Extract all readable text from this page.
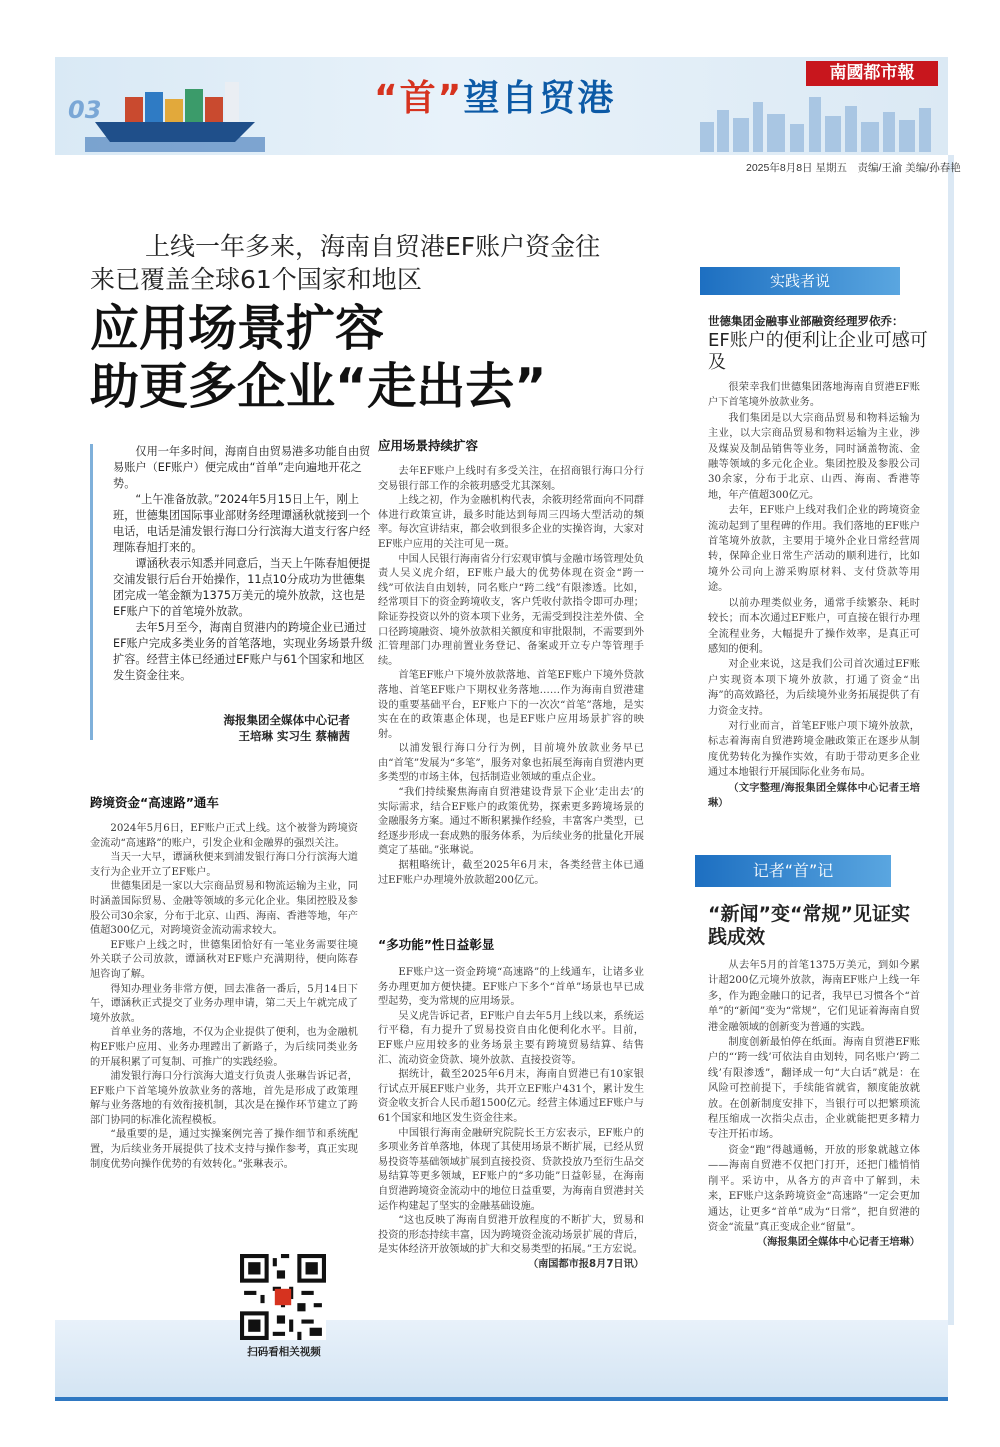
03	“首”望自贸港
南國都市報
2025年8月8日 星期五　责编/王渝 美编/孙春艳
上线一年多来，海南自贸港EF账户资金往来已覆盖全球61个国家和地区
应用场景扩容
助更多企业“走出去”

仅用一年多时间，海南自由贸易港多功能自由贸易账户（EF账户）便完成由“首单”走向遍地开花之势。

“上午准备放款。”2024年5月15日上午，刚上班，世德集团国际事业部财务经理谭涵秋就接到一个电话，电话是浦发银行海口分行滨海大道支行客户经理陈春旭打来的。

谭涵秋表示知悉并同意后，当天上午陈春旭便提交浦发银行后台开始操作，11点10分成功为世德集团完成一笔金额为1375万美元的境外放款，这也是EF账户下的首笔境外放款。

去年5月至今，海南自贸港内的跨境企业已通过EF账户完成多类业务的首笔落地，实现业务场景升级扩容。经营主体已经通过EF账户与61个国家和地区发生资金往来。

海报集团全媒体中心记者
王培琳 实习生 蔡楠茜
跨境资金“高速路”通车

2024年5月6日，EF账户正式上线。这个被誉为跨境资金流动“高速路”的账户，引发企业和金融界的强烈关注。

当天一大早，谭涵秋便来到浦发银行海口分行滨海大道支行为企业开立了EF账户。

世德集团是一家以大宗商品贸易和物流运输为主业，同时涵盖国际贸易、金融等领域的多元化企业。集团控股及参股公司30余家，分布于北京、山西、海南、香港等地，年产值超300亿元，对跨境资金流动需求较大。

EF账户上线之时，世德集团恰好有一笔业务需要往境外关联子公司放款，谭涵秋对EF账户充满期待，便向陈春旭咨询了解。

得知办理业务非常方便，回去准备一番后，5月14日下午，谭涵秋正式提交了业务办理申请，第二天上午就完成了境外放款。

首单业务的落地，不仅为企业提供了便利，也为金融机构EF账户应用、业务办理蹚出了新路子，为后续同类业务的开展积累了可复制、可推广的实践经验。

浦发银行海口分行滨海大道支行负责人张琳告诉记者，EF账户下首笔境外放款业务的落地，首先是形成了政策理解与业务落地的有效衔接机制，其次是在操作环节建立了跨部门协同的标准化流程模板。

“最重要的是，通过实操案例完善了操作细节和系统配置，为后续业务开展提供了技术支持与操作参考，真正实现制度优势向操作优势的有效转化。”张琳表示。

应用场景持续扩容

去年EF账户上线时有多受关注，在招商银行海口分行交易银行部工作的余筱玥感受尤其深刻。

上线之初，作为金融机构代表，余筱玥经常面向不同群体进行政策宣讲，最多时能达到每周三四场大型活动的频率。每次宣讲结束，都会收到很多企业的实操咨询，大家对EF账户应用的关注可见一斑。

中国人民银行海南省分行宏观审慎与金融市场管理处负责人吴义虎介绍，EF账户最大的优势体现在资金“跨一线”可依法自由划转，同名账户“跨二线”有限渗透。比如，经常项目下的资金跨境收支，客户凭收付款指令即可办理；除证券投资以外的资本项下业务，无需受到投注差外债、全口径跨境融资、境外放款相关额度和审批限制，不需要到外汇管理部门办理前置业务登记、备案或开立专户等管理手续。

首笔EF账户下境外放款落地、首笔EF账户下境外贷款落地、首笔EF账户下期权业务落地……作为海南自贸港建设的重要基础平台，EF账户下的一次次“首笔”落地，是实实在在的政策惠企体现，也是EF账户应用场景扩容的映射。

以浦发银行海口分行为例，目前境外放款业务早已由“首笔”发展为“多笔”，服务对象也拓展至海南自贸港内更多类型的市场主体，包括制造业领域的重点企业。

“我们持续聚焦海南自贸港建设背景下企业‘走出去’的实际需求，结合EF账户的政策优势，探索更多跨境场景的金融服务方案。通过不断积累操作经验，丰富客户类型，已经逐步形成一套成熟的服务体系，为后续业务的批量化开展奠定了基础。”张琳说。

据粗略统计，截至2025年6月末，各类经营主体已通过EF账户办理境外放款超200亿元。

“多功能”性日益彰显

EF账户这一资金跨境“高速路”的上线通车，让诸多业务办理更加方便快捷。EF账户下多个“首单”场景也早已成型起势，变为常规的应用场景。

吴义虎告诉记者，EF账户自去年5月上线以来，系统运行平稳，有力提升了贸易投资自由化便利化水平。目前，EF账户应用较多的业务场景主要有跨境贸易结算、结售汇、流动资金贷款、境外放款、直接投资等。

据统计，截至2025年6月末，海南自贸港已有10家银行试点开展EF账户业务，共开立EF账户431个，累计发生资金收支折合人民币超1500亿元。经营主体通过EF账户与61个国家和地区发生资金往来。

中国银行海南金融研究院院长王方宏表示，EF账户的多项业务首单落地，体现了其使用场景不断扩展，已经从贸易投资等基础领域扩展到直接投资、贷款投放乃至衍生品交易结算等更多领域，EF账户的“多功能”日益彰显，在海南自贸港跨境资金流动中的地位日益重要，为海南自贸港封关运作构建起了坚实的金融基础设施。

“这也反映了海南自贸港开放程度的不断扩大，贸易和投资的形态持续丰富，因为跨境资金流动场景扩展的背后，是实体经济开放领域的扩大和交易类型的拓展。”王方宏说。

（南国都市报8月7日讯）

扫码看相关视频
实践者说
世德集团金融事业部融资经理罗依乔：
EF账户的便利让企业可感可及

很荣幸我们世德集团落地海南自贸港EF账户下首笔境外放款业务。

我们集团是以大宗商品贸易和物料运输为主业，以大宗商品贸易和物料运输为主业，涉及煤炭及制品销售等业务，同时涵盖物流、金融等领域的多元化企业。集团控股及参股公司30余家，分布于北京、山西、海南、香港等地，年产值超300亿元。

去年，EF账户上线对我们企业的跨境资金流动起到了里程碑的作用。我们落地的EF账户首笔境外放款，主要用于境外企业日常经营周转，保障企业日常生产活动的顺利进行，比如境外公司向上游采购原材料、支付贷款等用途。

以前办理类似业务，通常手续繁杂、耗时较长；而本次通过EF账户，可直接在银行办理全流程业务，大幅提升了操作效率，是真正可感知的便利。

对企业来说，这是我们公司首次通过EF账户实现资本项下境外放款，打通了资金“出海”的高效路径，为后续境外业务拓展提供了有力资金支持。

对行业而言，首笔EF账户项下境外放款，标志着海南自贸港跨境金融政策正在逐步从制度优势转化为操作实效，有助于带动更多企业通过本地银行开展国际化业务布局。

（文字整理/海报集团全媒体中心记者王培琳）

记者“首”记
“新闻”变“常规”见证实践成效

从去年5月的首笔1375万美元，到如今累计超200亿元境外放款，海南EF账户上线一年多，作为跑金融口的记者，我早已习惯各个“首单”的“新闻”变为“常规”，它们见证着海南自贸港金融领域的创新变为普通的实践。

制度创新最怕停在纸面。海南自贸港EF账户的“‘跨一线’可依法自由划转，同名账户‘跨二线’有限渗透”，翻译成一句“大白话”就是：在风险可控前提下，手续能省就省，额度能放就放。在创新制度安排下，当银行可以把繁琐流程压缩成一次指尖点击，企业就能把更多精力专注开拓市场。

资金“跑”得越通畅，开放的形象就越立体——海南自贸港不仅把门打开，还把门槛悄悄削平。采访中，从各方的声音中了解到，未来，EF账户这条跨境资金“高速路”一定会更加通达，让更多“首单”成为“日常”，把自贸港的资金“流量”真正变成企业“留量”。

（海报集团全媒体中心记者王培琳）
